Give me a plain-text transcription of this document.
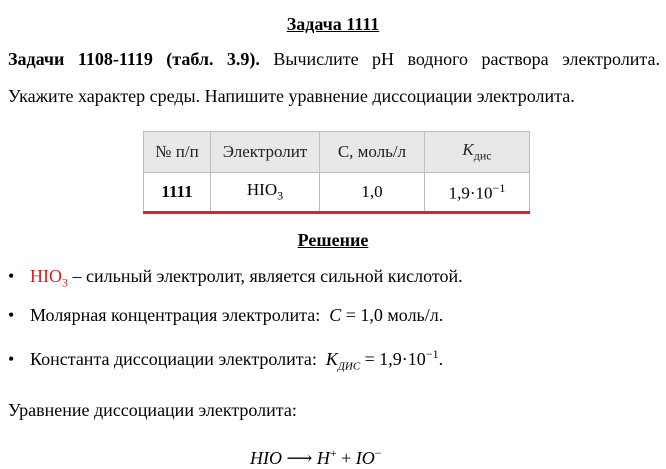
Задача 1111
Задачи 1108-1119 (табл. 3.9). Вычислите pH водного раствора электролита.
Укажите характер среды. Напишите уравнение диссоциации электролита.
№ п/п	Электролит	C, моль/л	$K_{дис}$
1111	$HIO_3$	1,0	$1,9\cdot 10^{-1}$
Решение
• $HIO_3$ – сильный электролит, является сильной кислотой.
• Молярная концентрация электролита: C = 1,0 моль/л.
• Константа диссоциации электролита: $K_{ДИС} = 1,9\cdot 10^{-1}$.
Уравнение диссоциации электролита:
HIO ⟶ H+ + IO−
